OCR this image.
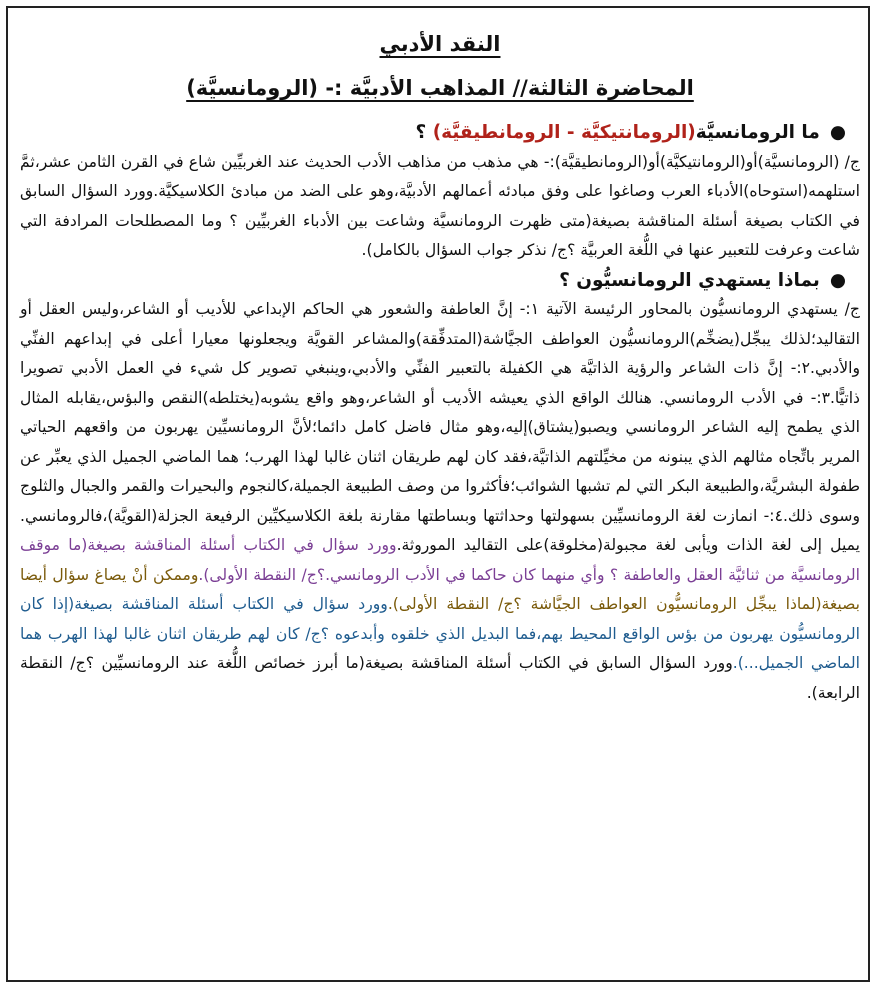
النقد الأدبي
المحاضرة الثالثة// المذاهب الأدبيَّة :- (الرومانسيَّة)

●ما الرومانسيَّة(الرومانتيكيَّة - الرومانطيقيَّة) ؟

ج/ (الرومانسيَّة)أو(الرومانتيكيَّة)أو(الرومانطيقيَّة):- هي مذهب من مذاهب الأدب الحديث عند الغربيِّين شاع في القرن الثامن عشر،ثمَّ استلهمه(استوحاه)الأدباء العرب وصاغوا على وفق مبادئه أعمالهم الأدبيَّة،وهو على الضد من مبادئ الكلاسيكيَّة.وورد السؤال السابق في الكتاب بصيغة أسئلة المناقشة بصيغة(متى ظهرت الرومانسيَّة وشاعت بين الأدباء الغربيِّين ؟ وما المصطلحات المرادفة التي شاعت وعرفت للتعبير عنها في اللُّغة العربيَّة ؟ج/ نذكر جواب السؤال بالكامل).

●بماذا يستهدي الرومانسيُّون ؟

ج/ يستهدي الرومانسيُّون بالمحاور الرئيسة الآتية ١:- إنَّ العاطفة والشعور هي الحاكم الإبداعي للأديب أو الشاعر،وليس العقل أو التقاليد؛لذلك يبجِّل(يضخِّم)الرومانسيُّون العواطف الجيَّاشة(المتدفِّقة)والمشاعر القويَّة ويجعلونها معيارا أعلى في إبداعهم الفنِّي والأدبي.٢:- إنَّ ذات الشاعر والرؤية الذاتيَّة هي الكفيلة بالتعبير الفنِّي والأدبي،وينبغي تصوير كل شيء في العمل الأدبي تصويرا ذاتيًّا.٣:- في الأدب الرومانسي. هنالك الواقع الذي يعيشه الأديب أو الشاعر،وهو واقع يشوبه(يختلطه)النقص والبؤس،يقابله المثال الذي يطمح إليه الشاعر الرومانسي ويصبو(يشتاق)إليه،وهو مثال فاضل كامل دائما؛لأنَّ الرومانسيِّين يهربون من واقعهم الحياتي المرير باتِّجاه مثالهم الذي يبنونه من مخيِّلتهم الذاتيَّة،فقد كان لهم طريقان اثنان غالبا لهذا الهرب؛ هما الماضي الجميل الذي يعبِّر عن طفولة البشريَّة،والطبيعة البكر التي لم تشبها الشوائب؛فأكثروا من وصف الطبيعة الجميلة،كالنجوم والبحيرات والقمر والجبال والثلوج وسوى ذلك.٤:- انمازت لغة الرومانسيِّين بسهولتها وحداثتها وبساطتها مقارنة بلغة الكلاسيكيِّين الرفيعة الجزلة(القويَّة)،فالرومانسي. يميل إلى لغة الذات ويأبى لغة مجبولة(مخلوقة)على التقاليد الموروثة.وورد سؤال في الكتاب أسئلة المناقشة بصيغة(ما موقف الرومانسيَّة من ثنائيَّة العقل والعاطفة ؟ وأي منهما كان حاكما في الأدب الرومانسي.؟ج/ النقطة الأولى).وممكن أنْ يصاغ سؤال أيضا بصيغة(لماذا يبجِّل الرومانسيُّون العواطف الجيَّاشة ؟ج/ النقطة الأولى).وورد سؤال في الكتاب أسئلة المناقشة بصيغة(إذا كان الرومانسيُّون يهربون من بؤس الواقع المحيط بهم،فما البديل الذي خلقوه وأبدعوه ؟ج/ كان لهم طريقان اثنان غالبا لهذا الهرب هما الماضي الجميل...).وورد السؤال السابق في الكتاب أسئلة المناقشة بصيغة(ما أبرز خصائص اللُّغة عند الرومانسيِّين ؟ج/ النقطة الرابعة).
